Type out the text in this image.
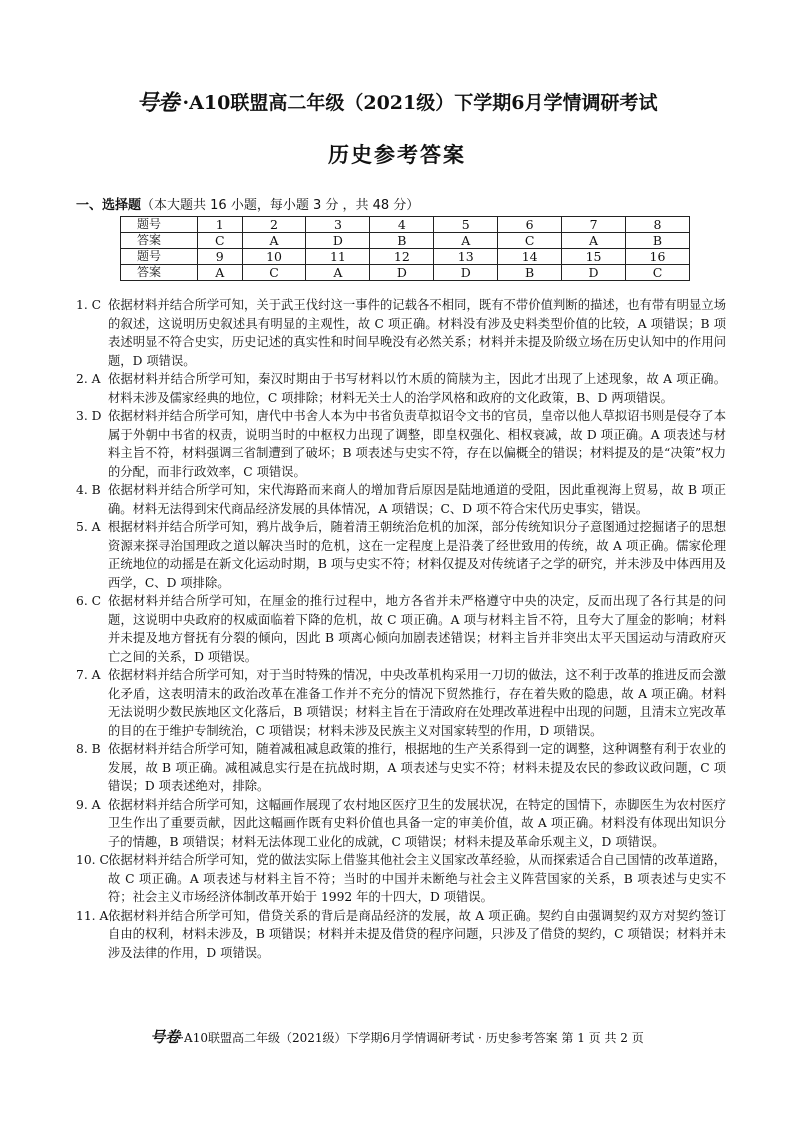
号卷 ·A10联盟高二年级（2021级）下学期6月学情调研考试
历史参考答案
一、选择题（本大题共 16 小题，每小题 3 分 ，共 48 分）
题号	1	2	3	4	5	6	7	8
答案	C	A	D	B	A	C	A	B
题号	9	10	11	12	13	14	15	16
答案	A	C	A	D	D	B	D	C
1. C 依据材料并结合所学可知，关于武王伐纣这一事件的记载各不相同，既有不带价值判断的描述，也有带有明显立场的叙述，这说明历史叙述具有明显的主观性，故 C 项正确。材料没有涉及史料类型价值的比较，A 项错误；B 项表述明显不符合史实，历史记述的真实性和时间早晚没有必然关系；材料并未提及阶级立场在历史认知中的作用问题，D 项错误。
2. A 依据材料并结合所学可知，秦汉时期由于书写材料以竹木质的简牍为主，因此才出现了上述现象，故 A 项正确。材料未涉及儒家经典的地位，C 项排除；材料无关士人的治学风格和政府的文化政策，B、D 两项错误。
3. D 依据材料并结合所学可知，唐代中书舍人本为中书省负责草拟诏令文书的官员，皇帝以他人草拟诏书则是侵夺了本属于外朝中书省的权责，说明当时的中枢权力出现了调整，即皇权强化、相权衰减，故 D 项正确。A 项表述与材料主旨不符，材料强调三省制遭到了破坏；B 项表述与史实不符，存在以偏概全的错误；材料提及的是“决策”权力的分配，而非行政效率，C 项错误。
4. B 依据材料并结合所学可知，宋代海路而来商人的增加背后原因是陆地通道的受阻，因此重视海上贸易，故 B 项正确。材料无法得到宋代商品经济发展的具体情况，A 项错误；C、D 项不符合宋代历史事实，错误。
5. A 根据材料并结合所学可知，鸦片战争后，随着清王朝统治危机的加深，部分传统知识分子意图通过挖掘诸子的思想资源来探寻治国理政之道以解决当时的危机，这在一定程度上是沿袭了经世致用的传统，故 A 项正确。儒家伦理正统地位的动摇是在新文化运动时期，B 项与史实不符；材料仅提及对传统诸子之学的研究，并未涉及中体西用及西学，C、D 项排除。
6. C 依据材料并结合所学可知，在厘金的推行过程中，地方各省并未严格遵守中央的决定，反而出现了各行其是的问题，这说明中央政府的权威面临着下降的危机，故 C 项正确。A 项与材料主旨不符，且夸大了厘金的影响；材料并未提及地方督抚有分裂的倾向，因此 B 项离心倾向加剧表述错误；材料主旨并非突出太平天国运动与清政府灭亡之间的关系，D 项错误。
7. A 依据材料并结合所学可知，对于当时特殊的情况，中央改革机构采用一刀切的做法，这不利于改革的推进反而会激化矛盾，这表明清末的政治改革在准备工作并不充分的情况下贸然推行，存在着失败的隐患，故 A 项正确。材料无法说明少数民族地区文化落后，B 项错误；材料主旨在于清政府在处理改革进程中出现的问题，且清末立宪改革的目的在于维护专制统治，C 项错误；材料未涉及民族主义对国家转型的作用，D 项错误。
8. B 依据材料并结合所学可知，随着减租减息政策的推行，根据地的生产关系得到一定的调整，这种调整有利于农业的发展，故 B 项正确。减租减息实行是在抗战时期，A 项表述与史实不符；材料未提及农民的参政议政问题，C 项错误；D 项表述绝对，排除。
9. A 依据材料并结合所学可知，这幅画作展现了农村地区医疗卫生的发展状况，在特定的国情下，赤脚医生为农村医疗卫生作出了重要贡献，因此这幅画作既有史料价值也具备一定的审美价值，故 A 项正确。材料没有体现出知识分子的情趣，B 项错误；材料无法体现工业化的成就，C 项错误；材料未提及革命乐观主义，D 项错误。
10. C 依据材料并结合所学可知，党的做法实际上借鉴其他社会主义国家改革经验，从而探索适合自己国情的改革道路，故 C 项正确。A 项表述与材料主旨不符；当时的中国并未断绝与社会主义阵营国家的关系，B 项表述与史实不符；社会主义市场经济体制改革开始于 1992 年的十四大，D 项错误。
11. A 依据材料并结合所学可知，借贷关系的背后是商品经济的发展，故 A 项正确。契约自由强调契约双方对契约签订自由的权利，材料未涉及，B 项错误；材料并未提及借贷的程序问题，只涉及了借贷的契约，C 项错误；材料并未涉及法律的作用，D 项错误。
号卷·A10联盟高二年级（2021级）下学期6月学情调研考试 · 历史参考答案 第 1 页 共 2 页
